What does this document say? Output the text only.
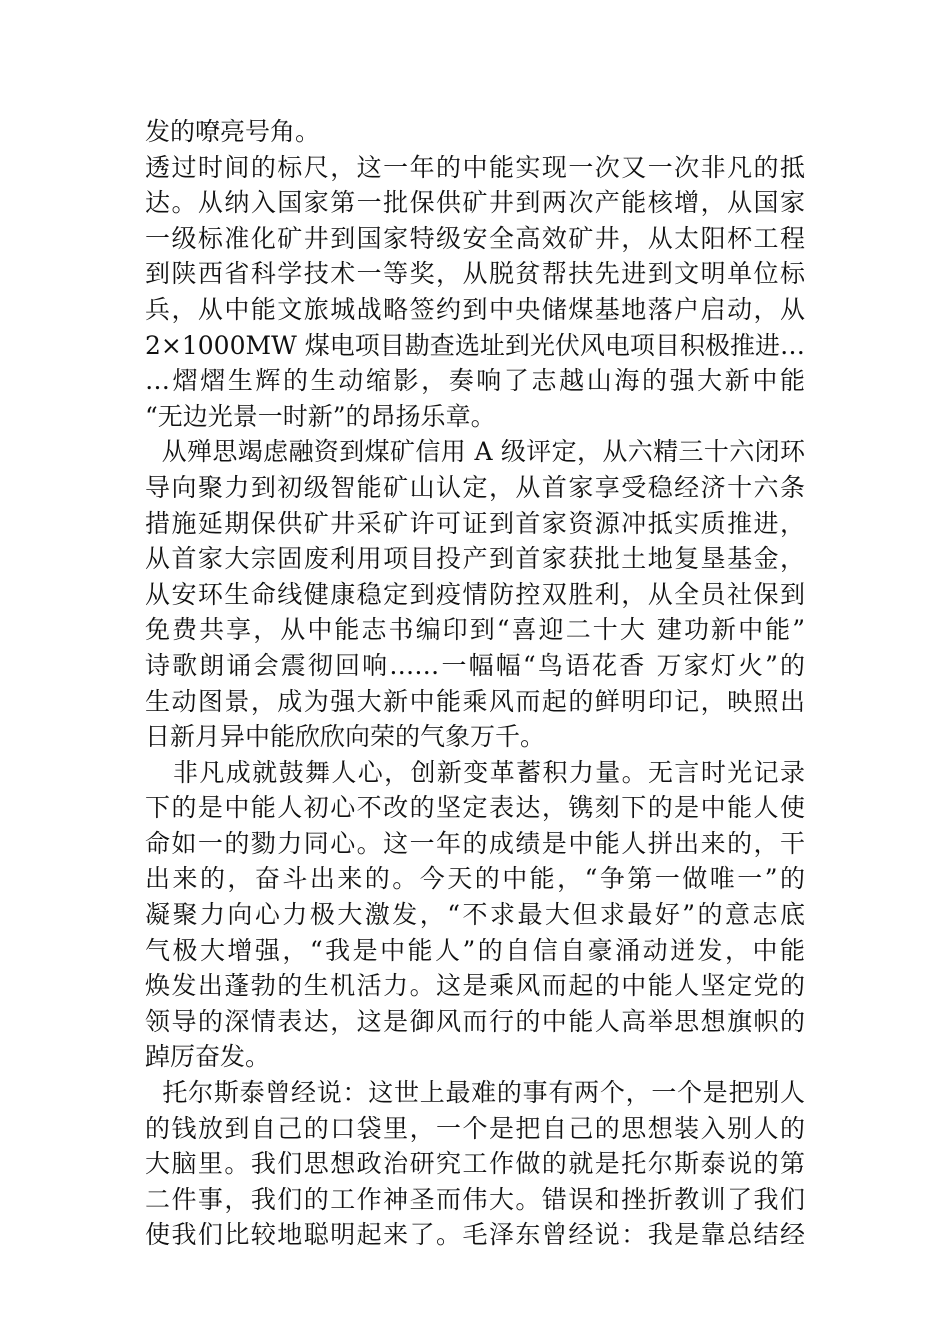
发的嘹亮号角。
透过时间的标尺，这一年的中能实现一次又一次非凡的抵
达。从纳入国家第一批保供矿井到两次产能核增，从国家
一级标准化矿井到国家特级安全高效矿井，从太阳杯工程
到陕西省科学技术一等奖，从脱贫帮扶先进到文明单位标
兵，从中能文旅城战略签约到中央储煤基地落户启动，从
2×1000MW 煤电项目勘查选址到光伏风电项目积极推进…
…熠熠生辉的生动缩影，奏响了志越山海的强大新中能
“无边光景一时新”的昂扬乐章。
从殚思竭虑融资到煤矿信用 A 级评定，从六精三十六闭环
导向聚力到初级智能矿山认定，从首家享受稳经济十六条
措施延期保供矿井采矿许可证到首家资源冲抵实质推进，
从首家大宗固废利用项目投产到首家获批土地复垦基金，
从安环生命线健康稳定到疫情防控双胜利，从全员社保到
免费共享，从中能志书编印到“喜迎二十大 建功新中能”
诗歌朗诵会震彻回响……一幅幅“鸟语花香 万家灯火”的
生动图景，成为强大新中能乘风而起的鲜明印记，映照出
日新月异中能欣欣向荣的气象万千。
非凡成就鼓舞人心，创新变革蓄积力量。无言时光记录
下的是中能人初心不改的坚定表达，镌刻下的是中能人使
命如一的勠力同心。这一年的成绩是中能人拼出来的，干
出来的，奋斗出来的。今天的中能，“争第一做唯一”的
凝聚力向心力极大激发，“不求最大但求最好”的意志底
气极大增强，“我是中能人”的自信自豪涌动迸发，中能
焕发出蓬勃的生机活力。这是乘风而起的中能人坚定党的
领导的深情表达，这是御风而行的中能人高举思想旗帜的
踔厉奋发。
托尔斯泰曾经说：这世上最难的事有两个，一个是把别人
的钱放到自己的口袋里，一个是把自己的思想装入别人的
大脑里。我们思想政治研究工作做的就是托尔斯泰说的第
二件事，我们的工作神圣而伟大。错误和挫折教训了我们
使我们比较地聪明起来了。毛泽东曾经说：我是靠总结经
